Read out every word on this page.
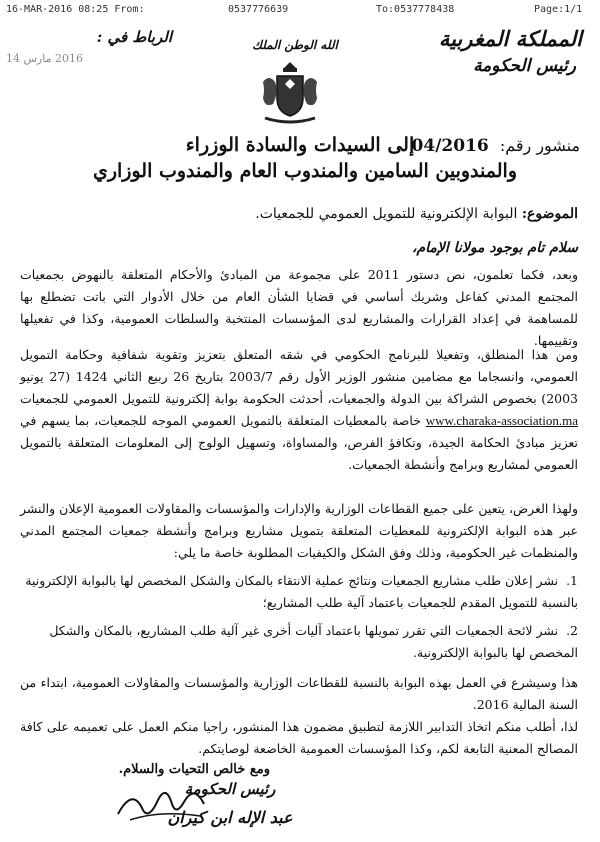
16-MAR-2016 08:25 From:	0537776639	To:0537778438	Page:1/1
المملكة المغربية
رئيس الحكومة
الرباط في :
2016 مارس 14
الله الوطن الملك
منشور رقم: 04/2016
إلى السيدات والسادة الوزراء
والمندوبين السامين والمندوب العام والمندوب الوزاري
الموضوع: البوابة الإلكترونية للتمويل العمومي للجمعيات.
سلام تام بوجود مولانا الإمام،
وبعد، فكما تعلمون، نص دستور 2011 على مجموعة من المبادئ والأحكام المتعلقة بالنهوض بجمعيات المجتمع المدني كفاعل وشريك أساسي في قضايا الشأن العام من خلال الأدوار التي باتت تضطلع بها للمساهمة في إعداد القرارات والمشاريع لدى المؤسسات المنتخبة والسلطات العمومية، وكذا في تفعيلها وتقييمها.
ومن هذا المنطلق، وتفعيلا للبرنامج الحكومي في شقه المتعلق بتعزيز وتقوية شفافية وحكامة التمويل العمومي، وانسجاما مع مضامين منشور الوزير الأول رقم 2003/7 بتاريخ 26 ربيع الثاني 1424 (27 يونيو 2003) بخصوص الشراكة بين الدولة والجمعيات، أحدثت الحكومة بوابة إلكترونية للتمويل العمومي للجمعيات www.charaka-association.ma خاصة بالمعطيات المتعلقة بالتمويل العمومي الموجه للجمعيات، بما يسهم في تعزيز مبادئ الحكامة الجيدة، وتكافؤ الفرص، والمساواة، وتسهيل الولوج إلى المعلومات المتعلقة بالتمويل العمومي لمشاريع وبرامج وأنشطة الجمعيات.
ولهذا الغرض، يتعين على جميع القطاعات الوزارية والإدارات والمؤسسات والمقاولات العمومية الإعلان والنشر عبر هذه البوابة الإلكترونية للمعطيات المتعلقة بتمويل مشاريع وبرامج وأنشطة جمعيات المجتمع المدني والمنظمات غير الحكومية، وذلك وفق الشكل والكيفيات المطلوبة خاصة ما يلي:
1. نشر إعلان طلب مشاريع الجمعيات ونتائج عملية الانتقاء بالمكان والشكل المخصص لها بالبوابة الإلكترونية بالنسبة للتمويل المقدم للجمعيات باعتماد آلية طلب المشاريع؛
2. نشر لائحة الجمعيات التي تقرر تمويلها باعتماد آليات أخرى غير آلية طلب المشاريع، بالمكان والشكل المخصص لها بالبوابة الإلكترونية.
هذا وسيشرع في العمل بهذه البوابة بالنسبة للقطاعات الوزارية والمؤسسات والمقاولات العمومية، ابتداء من السنة المالية 2016.
لذا، أطلب منكم اتخاذ التدابير اللازمة لتطبيق مضمون هذا المنشور، راجيا منكم العمل على تعميمه على كافة المصالح المعنية التابعة لكم، وكذا المؤسسات العمومية الخاضعة لوصايتكم.
ومع خالص التحيات والسلام.
رئيس الحكومة
عبد الإله ابن كيران
